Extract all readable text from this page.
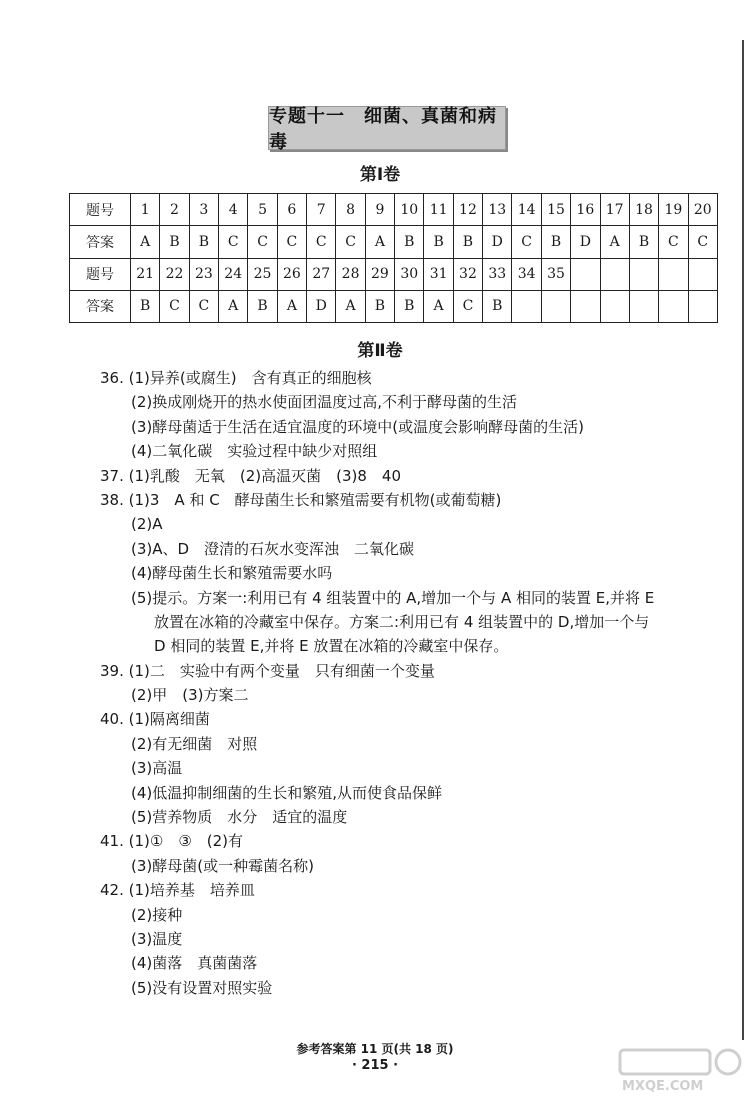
专题十一　细菌、真菌和病毒
第Ⅰ卷
题号	1	2	3	4	5	6	7	8	9	10	11	12	13	14	15	16	17	18	19	20
答案	A	B	B	C	C	C	C	C	A	B	B	B	D	C	B	D	A	B	C	C
题号	21	22	23	24	25	26	27	28	29	30	31	32	33	34	35					
答案	B	C	C	A	B	A	D	A	B	B	A	C	B							
第Ⅱ卷
36. (1)异养(或腐生)　含有真正的细胞核
(2)换成刚烧开的热水使面团温度过高,不利于酵母菌的生活
(3)酵母菌适于生活在适宜温度的环境中(或温度会影响酵母菌的生活)
(4)二氧化碳　实验过程中缺少对照组
37. (1)乳酸　无氧　(2)高温灭菌　(3)8　40
38. (1)3　A 和 C　酵母菌生长和繁殖需要有机物(或葡萄糖)
(2)A
(3)A、D　澄清的石灰水变浑浊　二氧化碳
(4)酵母菌生长和繁殖需要水吗
(5)提示。方案一:利用已有 4 组装置中的 A,增加一个与 A 相同的装置 E,并将 E
放置在冰箱的冷藏室中保存。方案二:利用已有 4 组装置中的 D,增加一个与
D 相同的装置 E,并将 E 放置在冰箱的冷藏室中保存。
39. (1)二　实验中有两个变量　只有细菌一个变量
(2)甲　(3)方案二
40. (1)隔离细菌
(2)有无细菌　对照
(3)高温
(4)低温抑制细菌的生长和繁殖,从而使食品保鲜
(5)营养物质　水分　适宜的温度
41. (1)①　③　(2)有
(3)酵母菌(或一种霉菌名称)
42. (1)培养基　培养皿
(2)接种
(3)温度
(4)菌落　真菌菌落
(5)没有设置对照实验
参考答案第 11 页(共 18 页)
· 215 ·
MXQE.COM
